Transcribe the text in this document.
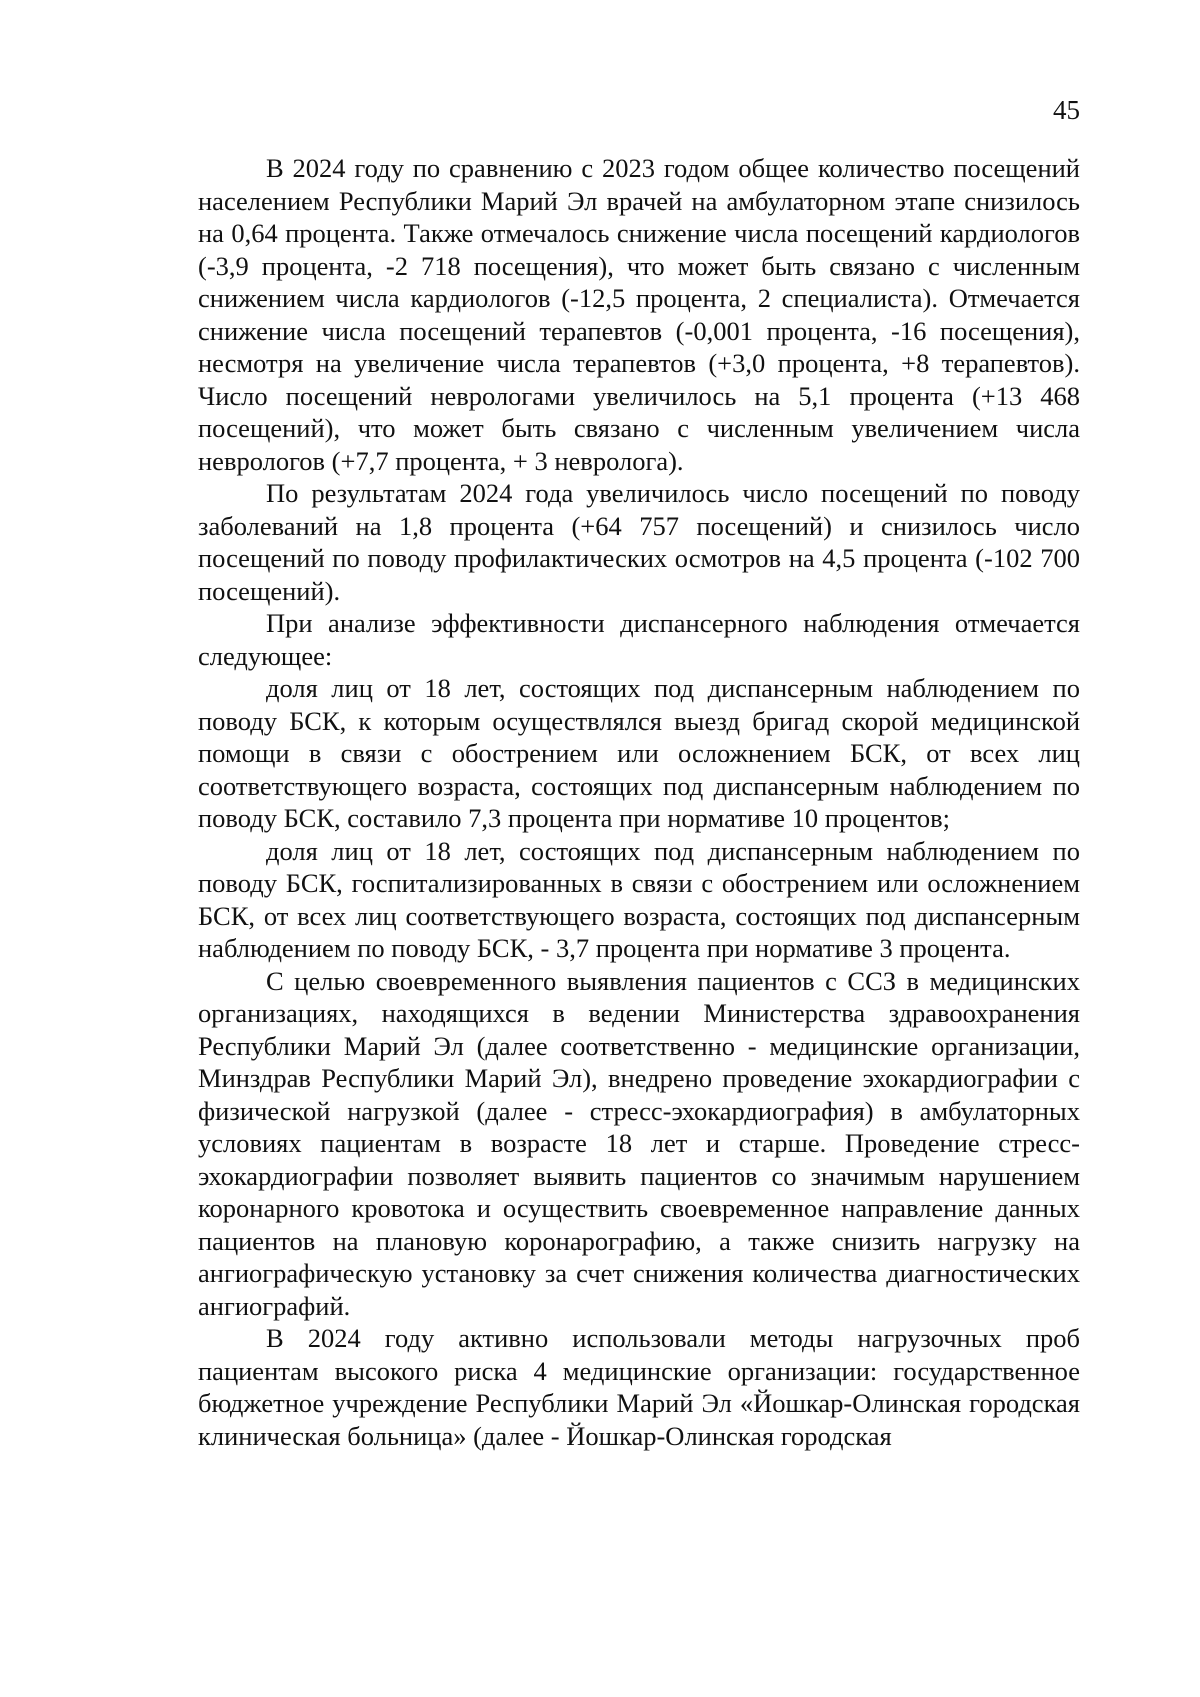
45

В 2024 году по сравнению с 2023 годом общее количество посещений населением Республики Марий Эл врачей на амбулаторном этапе снизилось на 0,64 процента. Также отмечалось снижение числа посещений кардиологов (-3,9 процента, -2 718 посещения), что может быть связано с численным снижением числа кардиологов (-12,5 процента, 2 специалиста). Отмечается снижение числа посещений терапевтов (-0,001 процента, -16 посещения), несмотря на увеличение числа терапевтов (+3,0 процента, +8 терапевтов). Число посещений неврологами увеличилось на 5,1 процента (+13 468 посещений), что может быть связано с численным увеличением числа неврологов (+7,7 процента, + 3 невролога).

По результатам 2024 года увеличилось число посещений по поводу заболеваний на 1,8 процента (+64 757 посещений) и снизилось число посещений по поводу профилактических осмотров на 4,5 процента (-102 700 посещений).

При анализе эффективности диспансерного наблюдения отмечается следующее:

доля лиц от 18 лет, состоящих под диспансерным наблюдением по поводу БСК, к которым осуществлялся выезд бригад скорой медицинской помощи в связи с обострением или осложнением БСК, от всех лиц соответствующего возраста, состоящих под диспансерным наблюдением по поводу БСК, составило 7,3 процента при нормативе 10 процентов;

доля лиц от 18 лет, состоящих под диспансерным наблюдением по поводу БСК, госпитализированных в связи с обострением или осложнением БСК, от всех лиц соответствующего возраста, состоящих под диспансерным наблюдением по поводу БСК, - 3,7 процента при нормативе 3 процента.

С целью своевременного выявления пациентов с ССЗ в медицинских организациях, находящихся в ведении Министерства здравоохранения Республики Марий Эл (далее соответственно - медицинские организации, Минздрав Республики Марий Эл), внедрено проведение эхокардиографии с физической нагрузкой (далее - стресс-эхокардиография) в амбулаторных условиях пациентам в возрасте 18 лет и старше. Проведение стресс-эхокардиографии позволяет выявить пациентов со значимым нарушением коронарного кровотока и осуществить своевременное направление данных пациентов на плановую коронарографию, а также снизить нагрузку на ангиографическую установку за счет снижения количества диагностических ангиографий.

В 2024 году активно использовали методы нагрузочных проб пациентам высокого риска 4 медицинские организации: государственное бюджетное учреждение Республики Марий Эл «Йошкар-Олинская городская клиническая больница» (далее - Йошкар-Олинская городская
